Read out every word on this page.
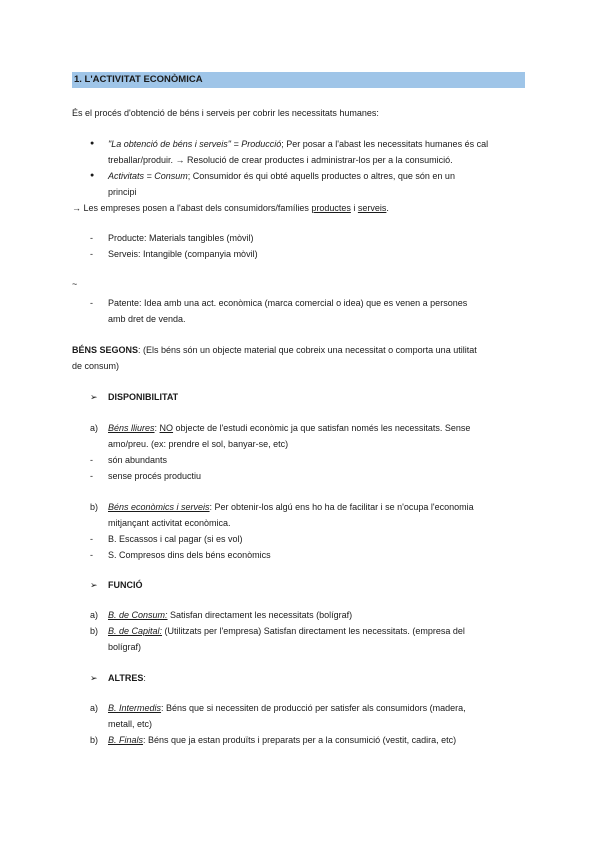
1. L'ACTIVITAT ECONÒMICA
És el procés d'obtenció de béns i serveis per cobrir les necessitats humanes:
● "La obtenció de béns i serveis" = Producció; Per posar a l'abast les necessitats humanes és cal
treballar/produir. → Resolució de crear productes i administrar-los per a la consumició.
● Activitats = Consum; Consumidor és qui obté aquells productes o altres, que són en un
principi
→ Les empreses posen a l'abast dels consumidors/famílies productes i serveis.
- Producte: Materials tangibles (mòvil)
- Serveis: Intangible (companyia mòvil)
~
- Patente: Idea amb una act. econòmica (marca comercial o idea) que es venen a persones
amb dret de venda.
BÉNS SEGONS: (Els béns són un objecte material que cobreix una necessitat o comporta una utilitat
de consum)
➢ DISPONIBILITAT
a) Béns lliures: NO objecte de l'estudi econòmic ja que satisfan només les necessitats. Sense
amo/preu. (ex: prendre el sol, banyar-se, etc)
- són abundants
- sense procés productiu
b) Béns econòmics i serveis: Per obtenir-los algú ens ho ha de facilitar i se n'ocupa l'economia
mitjançant activitat econòmica.
- B. Escassos i cal pagar (si es vol)
- S. Compresos dins dels béns econòmics
➢ FUNCIÓ
a) B. de Consum: Satisfan directament les necessitats (bolígraf)
b) B. de Capital: (Utilitzats per l'empresa) Satisfan directament les necessitats. (empresa del
bolígraf)
➢ ALTRES:
a) B. Intermedis: Béns que si necessiten de producció per satisfer als consumidors (madera,
metall, etc)
b) B. Finals: Béns que ja estan produïts i preparats per a la consumició (vestit, cadira, etc)
